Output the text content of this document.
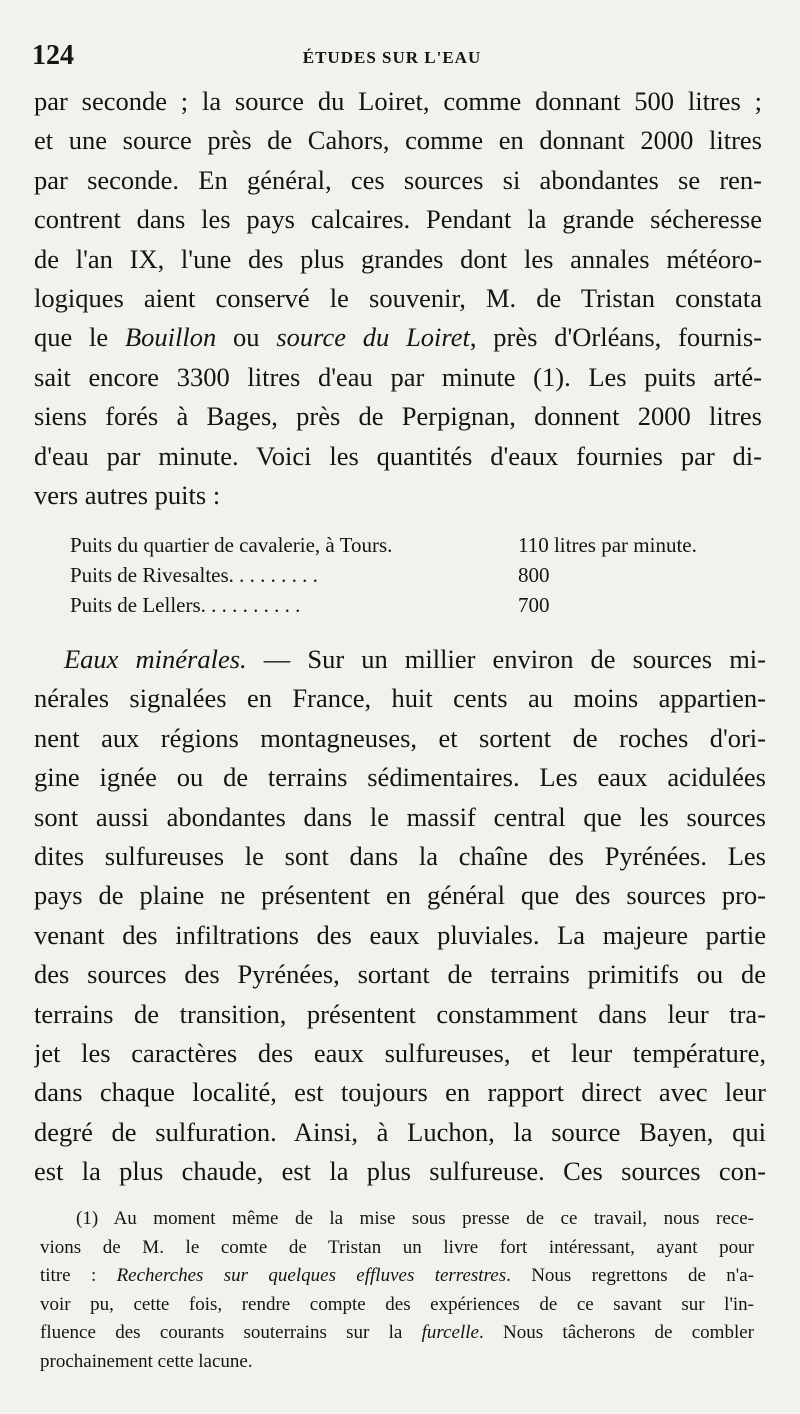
124	ÉTUDES SUR L'EAU
par seconde ; la source du Loiret, comme donnant 500 litres ;
et une source près de Cahors, comme en donnant 2000 litres
par seconde. En général, ces sources si abondantes se ren-
contrent dans les pays calcaires. Pendant la grande sécheresse
de l'an IX, l'une des plus grandes dont les annales météoro-
logiques aient conservé le souvenir, M. de Tristan constata
que le Bouillon ou source du Loiret, près d'Orléans, fournis-
sait encore 3300 litres d'eau par minute (1). Les puits arté-
siens forés à Bages, près de Perpignan, donnent 2000 litres
d'eau par minute. Voici les quantités d'eaux fournies par di-
vers autres puits :
Puits du quartier de cavalerie, à Tours.	110 litres par minute.
Puits de Rivesaltes. . . . . . . . .	800
Puits de Lellers. . . . . . . . . .	700
Eaux minérales. — Sur un millier environ de sources mi-
nérales signalées en France, huit cents au moins appartien-
nent aux régions montagneuses, et sortent de roches d'ori-
gine ignée ou de terrains sédimentaires. Les eaux acidulées
sont aussi abondantes dans le massif central que les sources
dites sulfureuses le sont dans la chaîne des Pyrénées. Les
pays de plaine ne présentent en général que des sources pro-
venant des infiltrations des eaux pluviales. La majeure partie
des sources des Pyrénées, sortant de terrains primitifs ou de
terrains de transition, présentent constamment dans leur tra-
jet les caractères des eaux sulfureuses, et leur température,
dans chaque localité, est toujours en rapport direct avec leur
degré de sulfuration. Ainsi, à Luchon, la source Bayen, qui
est la plus chaude, est la plus sulfureuse. Ces sources con-
(1) Au moment même de la mise sous presse de ce travail, nous rece-
vions de M. le comte de Tristan un livre fort intéressant, ayant pour
titre : Recherches sur quelques effluves terrestres. Nous regrettons de n'a-
voir pu, cette fois, rendre compte des expériences de ce savant sur l'in-
fluence des courants souterrains sur la furcelle. Nous tâcherons de combler
prochainement cette lacune.
